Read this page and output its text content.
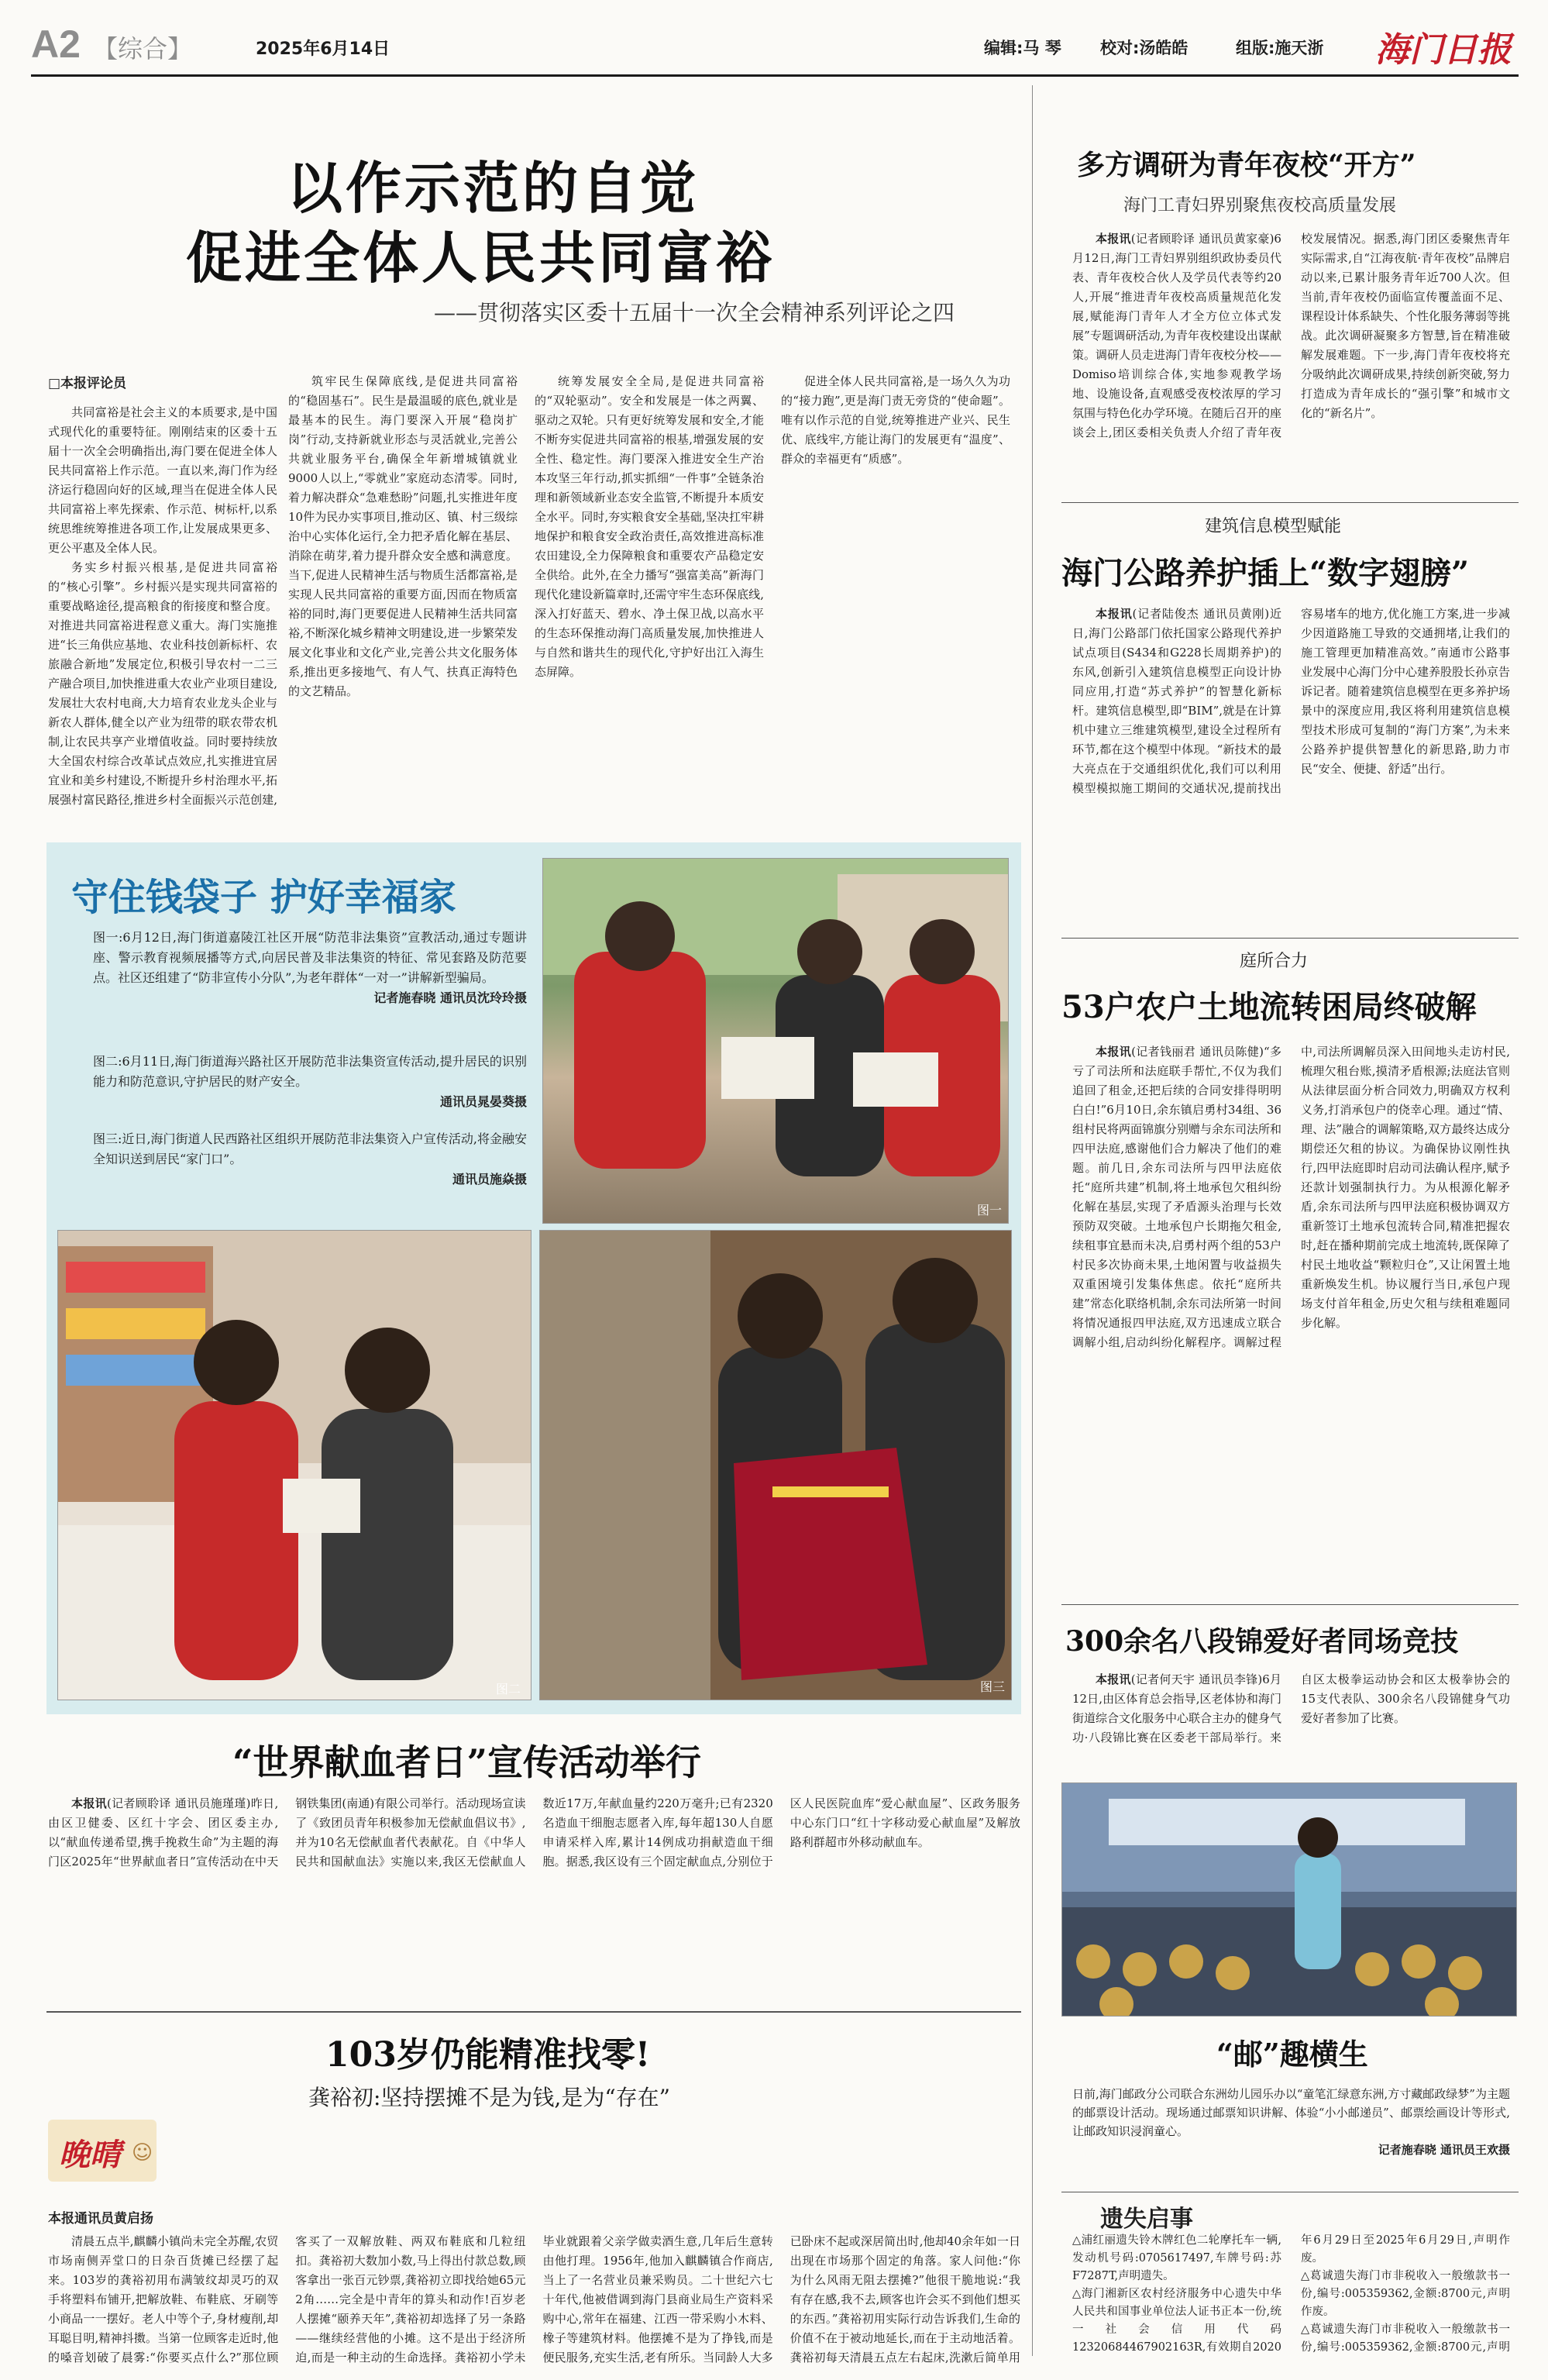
A2 【综合】	2025年6月14日	编辑:马 琴 校对:汤皓皓	组版:施天浙 海门日报
以作示范的自觉
促进全体人民共同富裕
——贯彻落实区委十五届十一次全会精神系列评论之四
□本报评论员

共同富裕是社会主义的本质要求,是中国式现代化的重要特征。刚刚结束的区委十五届十一次全会明确指出,海门要在促进全体人民共同富裕上作示范。一直以来,海门作为经济运行稳固向好的区域,理当在促进全体人民共同富裕上率先探索、作示范、树标杆,以系统思维统筹推进各项工作,让发展成果更多、更公平惠及全体人民。

务实乡村振兴根基,是促进共同富裕的“核心引擎”。乡村振兴是实现共同富裕的重要战略途径,提高粮食的衔接度和整合度。对推进共同富裕进程意义重大。海门实施推进“长三角供应基地、农业科技创新标杆、农旅融合新地”发展定位,积极引导农村一二三产融合项目,加快推进重大农业产业项目建设,发展壮大农村电商,大力培育农业龙头企业与新农人群体,健全以产业为纽带的联农带农机制,让农民共享产业增值收益。同时要持续放大全国农村综合改革试点效应,扎实推进宜居宜业和美乡村建设,不断提升乡村治理水平,拓展强村富民路径,推进乡村全面振兴示范创建,

筑牢民生保障底线,是促进共同富裕的“稳固基石”。民生是最温暖的底色,就业是最基本的民生。海门要深入开展“稳岗扩岗”行动,支持新就业形态与灵活就业,完善公共就业服务平台,确保全年新增城镇就业9000人以上,“零就业”家庭动态清零。同时,着力解决群众“急难愁盼”问题,扎实推进年度10件为民办实事项目,推动区、镇、村三级综治中心实体化运行,全力把矛盾化解在基层、消除在萌芽,着力提升群众安全感和满意度。当下,促进人民精神生活与物质生活都富裕,是实现人民共同富裕的重要方面,因而在物质富裕的同时,海门更要促进人民精神生活共同富裕,不断深化城乡精神文明建设,进一步繁荣发展文化事业和文化产业,完善公共文化服务体系,推出更多接地气、有人气、扶真正海特色的文艺精品。

统筹发展安全全局,是促进共同富裕的“双轮驱动”。安全和发展是一体之两翼、驱动之双轮。只有更好统筹发展和安全,才能不断夯实促进共同富裕的根基,增强发展的安全性、稳定性。海门要深入推进安全生产治本攻坚三年行动,抓实抓细“一件事”全链条治理和新领域新业态安全监管,不断提升本质安全水平。同时,夯实粮食安全基础,坚决扛牢耕地保护和粮食安全政治责任,高效推进高标准农田建设,全力保障粮食和重要农产品稳定安全供给。此外,在全力播写“强富美高”新海门现代化建设新篇章时,还需守牢生态环保底线,深入打好蓝天、碧水、净土保卫战,以高水平的生态环保推动海门高质量发展,加快推进人与自然和谐共生的现代化,守护好出江入海生态屏障。

促进全体人民共同富裕,是一场久久为功的“接力跑”,更是海门责无旁贷的“使命题”。唯有以作示范的自觉,统筹推进产业兴、民生优、底线牢,方能让海门的发展更有“温度”、群众的幸福更有“质感”。

守住钱袋子 护好幸福家
图一:6月12日,海门街道嘉陵江社区开展“防范非法集资”宣教活动,通过专题讲座、警示教育视频展播等方式,向居民普及非法集资的特征、常见套路及防范要点。社区还组建了“防非宣传小分队”,为老年群体“一对一”讲解新型骗局。
记者施春晓 通讯员沈玲玲摄
图二:6月11日,海门街道海兴路社区开展防范非法集资宣传活动,提升居民的识别能力和防范意识,守护居民的财产安全。
通讯员晁晏葵摄
图三:近日,海门街道人民西路社区组织开展防范非法集资入户宣传活动,将金融安全知识送到居民“家门口”。
通讯员施焱摄
图一
图三
图二
“世界献血者日”宣传活动举行

本报讯(记者顾聆译 通讯员施瑾瑾)昨日,由区卫健委、区红十字会、团区委主办,以“献血传递希望,携手挽救生命”为主题的海门区2025年“世界献血者日”宣传活动在中天钢铁集团(南通)有限公司举行。活动现场宣读了《致团员青年积极参加无偿献血倡议书》,并为10名无偿献血者代表献花。自《中华人民共和国献血法》实施以来,我区无偿献血人数近17万,年献血量约220万毫升;已有2320名造血干细胞志愿者入库,每年超130人自愿申请采样入库,累计14例成功捐献造血干细胞。据悉,我区设有三个固定献血点,分别位于区人民医院血库“爱心献血屋”、区政务服务中心东门口“红十字移动爱心献血屋”及解放路利群超市外移动献血车。

103岁仍能精准找零!
龚裕初:坚持摆摊不是为钱,是为“存在”
晚晴 ☺
本报通讯员黄启扬

清晨五点半,麒麟小镇尚未完全苏醒,农贸市场南侧弄堂口的日杂百货摊已经摆了起来。103岁的龚裕初用布满皱纹却灵巧的双手将塑料布铺开,把解放鞋、布鞋底、牙刷等小商品一一摆好。老人中等个子,身材瘦削,却耳聪目明,精神抖擞。当第一位顾客走近时,他的嗓音划破了晨雾:“你要买点什么?”那位顾客买了一双解放鞋、两双布鞋底和几粒纽扣。龚裕初大数加小数,马上得出付款总数,顾客拿出一张百元钞票,龚裕初立即找给她65元2角……完全是中青年的算头和动作!百岁老人摆摊“颐养天年”,龚裕初却选择了另一条路——继续经营他的小摊。这不是出于经济所迫,而是一种主动的生命选择。龚裕初小学未毕业就跟着父亲学做卖酒生意,几年后生意转由他打理。1956年,他加入麒麟镇合作商店,当上了一名营业员兼采购员。二十世纪六七十年代,他被借调到海门县商业局生产资料采购中心,常年在福建、江西一带采购小木料、橡子等建筑材料。他摆摊不是为了挣钱,而是便民服务,充实生活,老有所乐。当同龄人大多已卧床不起或深居简出时,他却40余年如一日出现在市场那个固定的角落。家人问他:“你为什么风雨无阻去摆摊?”他很干脆地说:“我有存在感,我不去,顾客也许会买不到他们想买的东西。”龚裕初用实际行动告诉我们,生命的价值不在于被动地延长,而在于主动地活着。龚裕初每天清晨五点左右起床,洗漱后简单用

多方调研为青年夜校“开方”
海门工青妇界别聚焦夜校高质量发展

本报讯(记者顾聆译 通讯员黄家豪)6月12日,海门工青妇界别组织政协委员代表、青年夜校合伙人及学员代表等约20人,开展“推进青年夜校高质量规范化发展,赋能海门青年人才全方位立体式发展”专题调研活动,为青年夜校建设出谋献策。调研人员走进海门青年夜校分校——Domiso培训综合体,实地参观教学场地、设施设备,直观感受夜校浓厚的学习氛围与特色化办学环境。在随后召开的座谈会上,团区委相关负责人介绍了青年夜校发展情况。据悉,海门团区委聚焦青年实际需求,自“江海夜航·青年夜校”品牌启动以来,已累计服务青年近700人次。但当前,青年夜校仍面临宣传覆盖面不足、课程设计体系缺失、个性化服务薄弱等挑战。此次调研凝聚多方智慧,旨在精准破解发展难题。下一步,海门青年夜校将充分吸纳此次调研成果,持续创新突破,努力打造成为青年成长的“强引擎”和城市文化的“新名片”。

建筑信息模型赋能
海门公路养护插上“数字翅膀”

本报讯(记者陆俊杰 通讯员黄刚)近日,海门公路部门依托国家公路现代养护试点项目(S434和G228长周期养护)的东风,创新引入建筑信息模型正向设计协同应用,打造“苏式养护”的智慧化新标杆。建筑信息模型,即“BIM”,就是在计算机中建立三维建筑模型,建设全过程所有环节,都在这个模型中体现。“新技术的最大亮点在于交通组织优化,我们可以利用模型模拟施工期间的交通状况,提前找出容易堵车的地方,优化施工方案,进一步减少因道路施工导致的交通拥堵,让我们的施工管理更加精准高效。”南通市公路事业发展中心海门分中心建养股股长孙京告诉记者。随着建筑信息模型在更多养护场景中的深度应用,我区将利用建筑信息模型技术形成可复制的“海门方案”,为未来公路养护提供智慧化的新思路,助力市民“安全、便捷、舒适”出行。

庭所合力
53户农户土地流转困局终破解

本报讯(记者钱丽君 通讯员陈健)“多亏了司法所和法庭联手帮忙,不仅为我们追回了租金,还把后续的合同安排得明明白白!”6月10日,余东镇启勇村34组、36组村民将两面锦旗分别赠与余东司法所和四甲法庭,感谢他们合力解决了他们的难题。前几日,余东司法所与四甲法庭依托“庭所共建”机制,将土地承包欠租纠纷化解在基层,实现了矛盾源头治理与长效预防双突破。土地承包户长期拖欠租金,续租事宜悬而未决,启勇村两个组的53户村民多次协商未果,土地闲置与收益损失双重困境引发集体焦虑。依托“庭所共建”常态化联络机制,余东司法所第一时间将情况通报四甲法庭,双方迅速成立联合调解小组,启动纠纷化解程序。调解过程中,司法所调解员深入田间地头走访村民,梳理欠租台账,摸清矛盾根源;法庭法官则从法律层面分析合同效力,明确双方权利义务,打消承包户的侥幸心理。通过“情、理、法”融合的调解策略,双方最终达成分期偿还欠租的协议。为确保协议刚性执行,四甲法庭即时启动司法确认程序,赋予还款计划强制执行力。为从根源化解矛盾,余东司法所与四甲法庭积极协调双方重新签订土地承包流转合同,精准把握农时,赶在播种期前完成土地流转,既保障了村民土地收益“颗粒归仓”,又让闲置土地重新焕发生机。协议履行当日,承包户现场支付首年租金,历史欠租与续租难题同步化解。

300余名八段锦爱好者同场竞技

本报讯(记者何天宇 通讯员李锋)6月12日,由区体育总会指导,区老体协和海门街道综合文化服务中心联合主办的健身气功·八段锦比赛在区委老干部局举行。来自区太极拳运动协会和区太极拳协会的15支代表队、300余名八段锦健身气功爱好者参加了比赛。

“邮”趣横生
日前,海门邮政分公司联合东洲幼儿园乐办以“童笔汇绿意东洲,方寸藏邮政绿梦”为主题的邮票设计活动。现场通过邮票知识讲解、体验“小小邮递员”、邮票绘画设计等形式,让邮政知识浸润童心。
记者施春晓 通讯员王欢摄
遗失启事
△浦红丽遗失铃木牌红色二轮摩托车一辆,发动机号码:0705617497,车牌号码:苏F7287T,声明遗失。
△海门湘新区农村经济服务中心遗失中华人民共和国事业单位法人证书正本一份,统一社会信用代码12320684467902163R,有效期自2020年6月29日至2025年6月29日,声明作废。
△葛诚遗失海门市非税收入一般缴款书一份,编号:005359362,金额:8700元,声明作废。
△葛诚遗失海门市非税收入一般缴款书一份,编号:005359362,金额:8700元,声明
